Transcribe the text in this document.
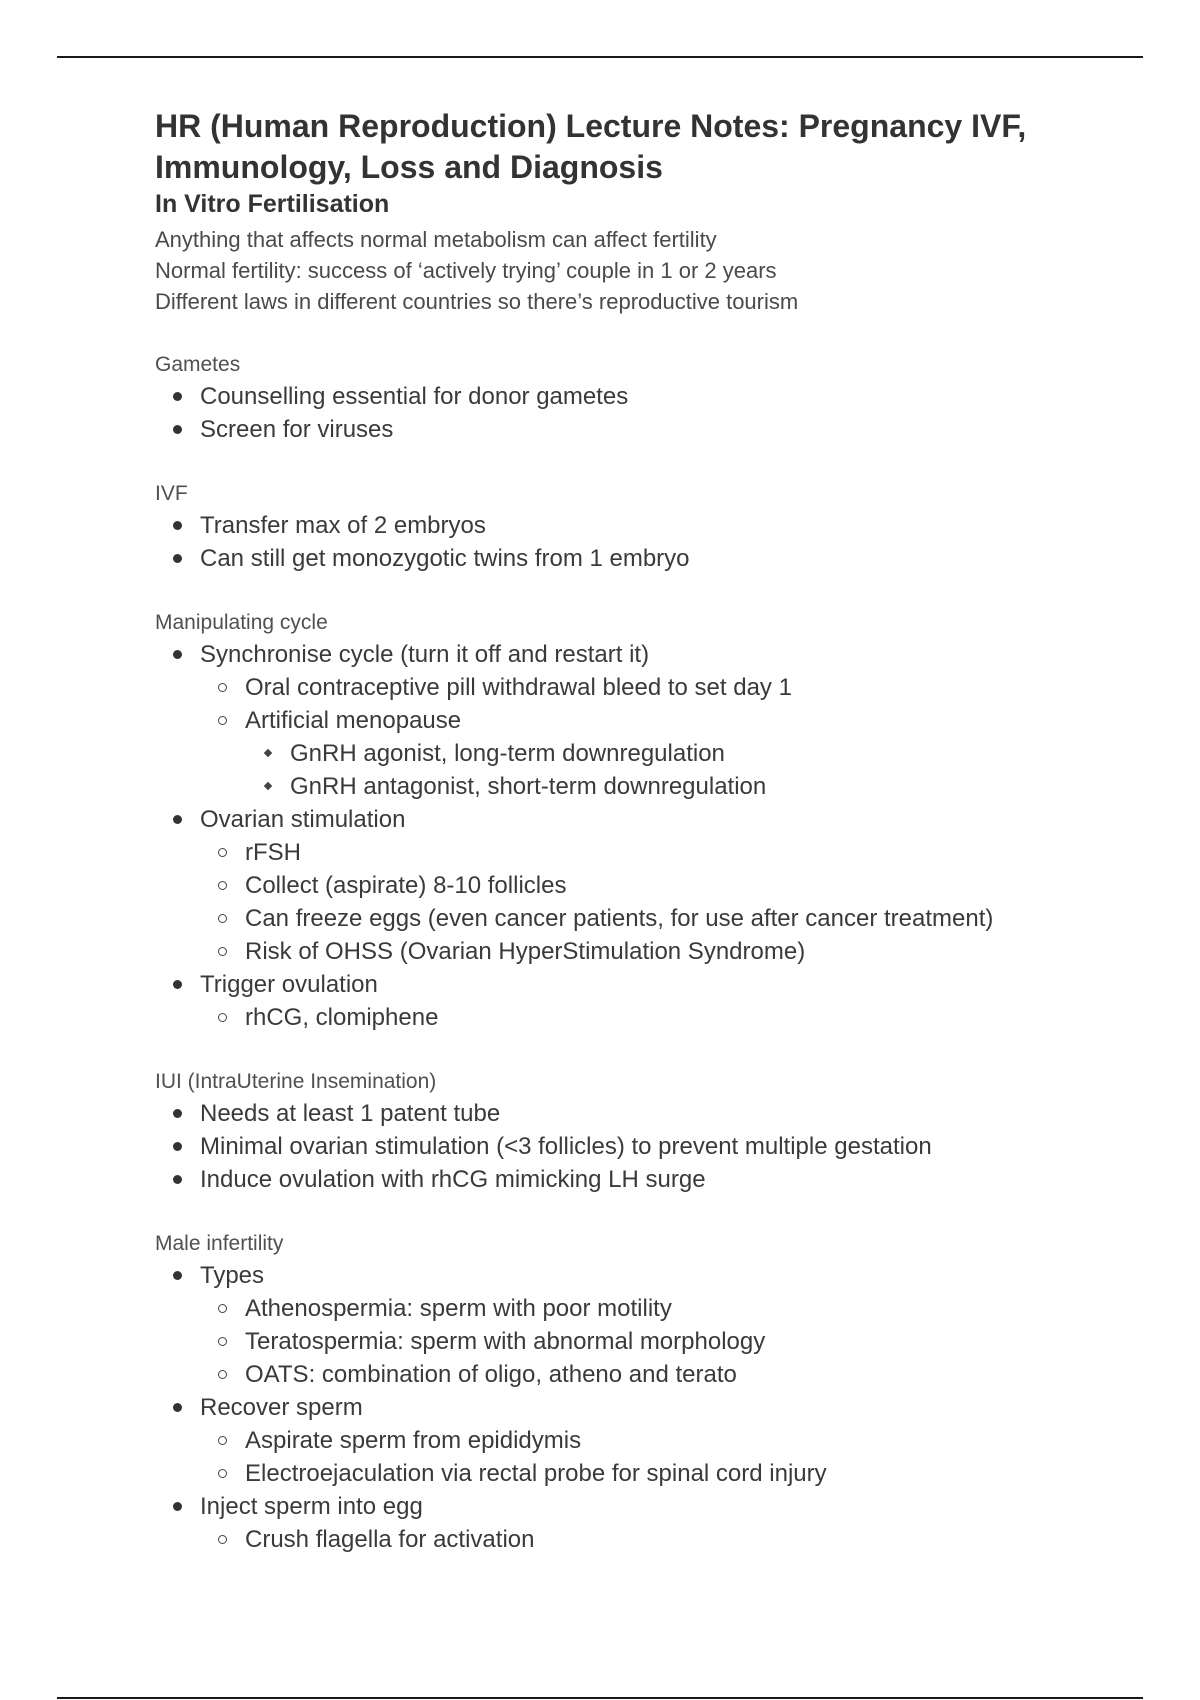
HR (Human Reproduction) Lecture Notes: Pregnancy IVF, Immunology, Loss and Diagnosis
In Vitro Fertilisation

Anything that affects normal metabolism can affect fertility

Normal fertility: success of ‘actively trying’ couple in 1 or 2 years

Different laws in different countries so there’s reproductive tourism

Gametes

Counselling essential for donor gametes
Screen for viruses

IVF

Transfer max of 2 embryos
Can still get monozygotic twins from 1 embryo

Manipulating cycle

Synchronise cycle (turn it off and restart it)
Oral contraceptive pill withdrawal bleed to set day 1
Artificial menopause
GnRH agonist, long-term downregulation
GnRH antagonist, short-term downregulation
Ovarian stimulation
rFSH
Collect (aspirate) 8-10 follicles
Can freeze eggs (even cancer patients, for use after cancer treatment)
Risk of OHSS (Ovarian HyperStimulation Syndrome)
Trigger ovulation
rhCG, clomiphene

IUI (IntraUterine Insemination)

Needs at least 1 patent tube
Minimal ovarian stimulation (<3 follicles) to prevent multiple gestation
Induce ovulation with rhCG mimicking LH surge

Male infertility

Types
Athenospermia: sperm with poor motility
Teratospermia: sperm with abnormal morphology
OATS: combination of oligo, atheno and terato
Recover sperm
Aspirate sperm from epididymis
Electroejaculation via rectal probe for spinal cord injury
Inject sperm into egg
Crush flagella for activation
